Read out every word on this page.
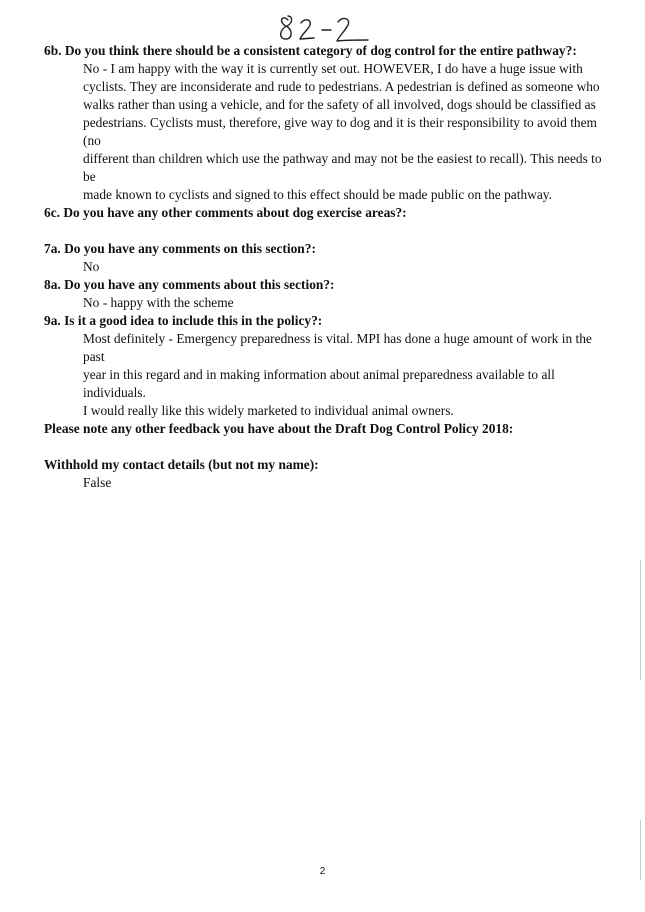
6b. Do you think there should be a consistent category of dog control for the entire pathway?:

No - I am happy with the way it is currently set out. HOWEVER, I do have a huge issue with
cyclists. They are inconsiderate and rude to pedestrians. A pedestrian is defined as someone who
walks rather than using a vehicle, and for the safety of all involved, dogs should be classified as
pedestrians. Cyclists must, therefore, give way to dog and it is their responsibility to avoid them (no
different than children which use the pathway and may not be the easiest to recall). This needs to be
made known to cyclists and signed to this effect should be made public on the pathway.

6c. Do you have any other comments about dog exercise areas?:

7a. Do you have any comments on this section?:

No

8a. Do you have any comments about this section?:

No - happy with the scheme

9a. Is it a good idea to include this in the policy?:

Most definitely - Emergency preparedness is vital. MPI has done a huge amount of work in the past
year in this regard and in making information about animal preparedness available to all individuals.
I would really like this widely marketed to individual animal owners.

Please note any other feedback you have about the Draft Dog Control Policy 2018:

Withhold my contact details (but not my name):

False

2
